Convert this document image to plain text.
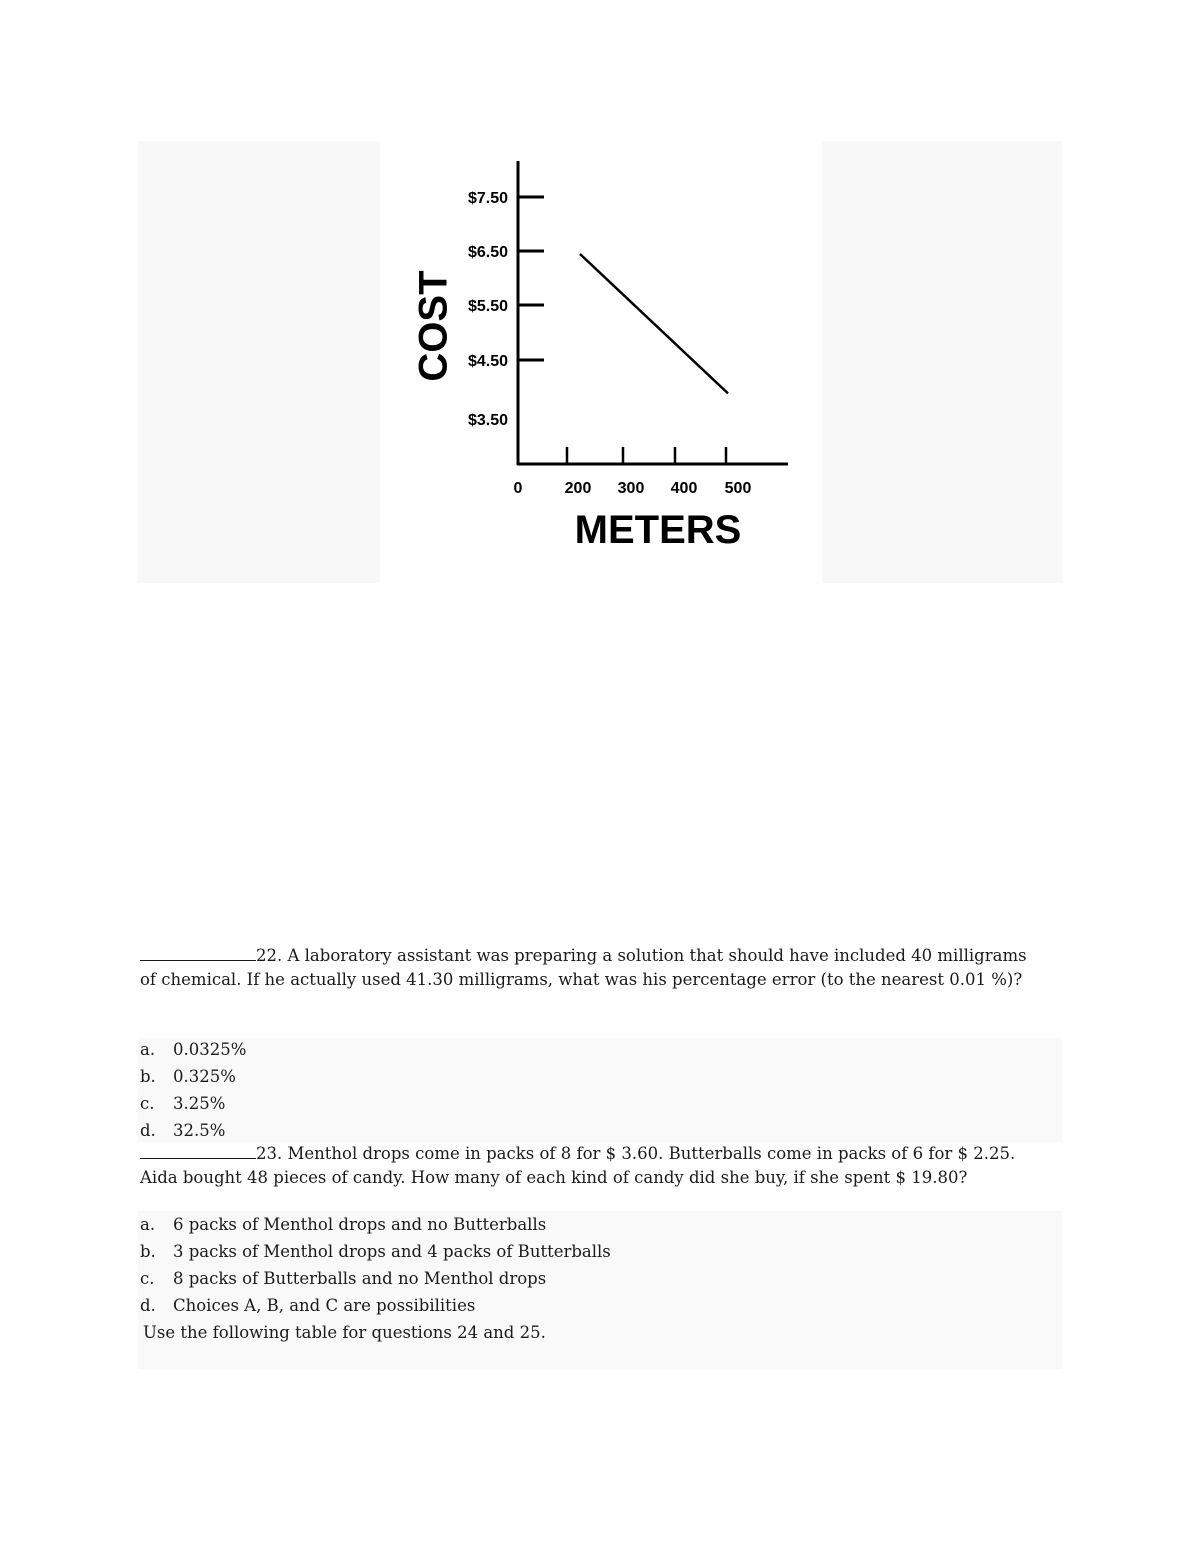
$7.50
$6.50
$5.50
$4.50
$3.50
0	200 300 400 500
COST
METERS
22. A laboratory assistant was preparing a solution that should have included 40 milligrams of chemical. If he actually used 41.30 milligrams, what was his percentage error (to the nearest 0.01 %)?
a. 0.0325%
b. 0.325%
c. 3.25%
d. 32.5%
23. Menthol drops come in packs of 8 for $ 3.60. Butterballs come in packs of 6 for $ 2.25. Aida bought 48 pieces of candy. How many of each kind of candy did she buy, if she spent $ 19.80?
a. 6 packs of Menthol drops and no Butterballs
b. 3 packs of Menthol drops and 4 packs of Butterballs
c. 8 packs of Butterballs and no Menthol drops
d. Choices A, B, and C are possibilities
Use the following table for questions 24 and 25.
